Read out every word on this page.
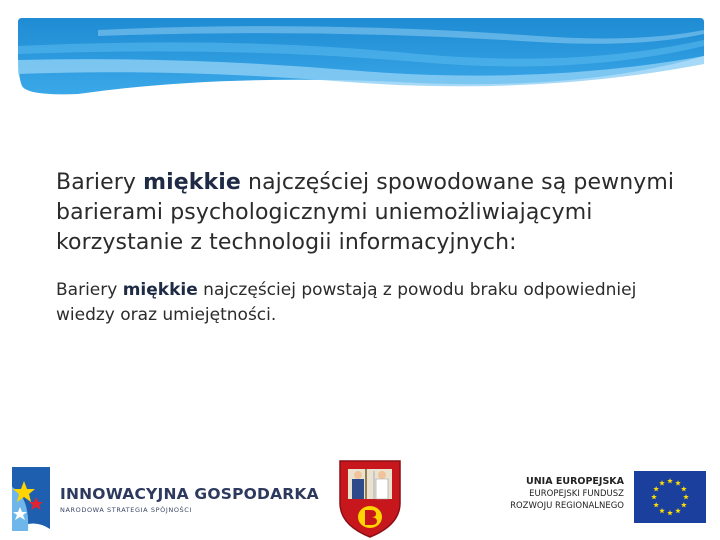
Bariery miękkie najczęściej spowodowane są pewnymi barierami psychologicznymi uniemożliwiającymi korzystanie z technologii informacyjnych:

Bariery miękkie najczęściej powstają z powodu braku odpowiedniej wiedzy oraz umiejętności.

INNOWACYJNA GOSPODARKA
NARODOWA STRATEGIA SPÓJNOŚCI
UNIA EUROPEJSKA
EUROPEJSKI FUNDUSZ
ROZWOJU REGIONALNEGO
